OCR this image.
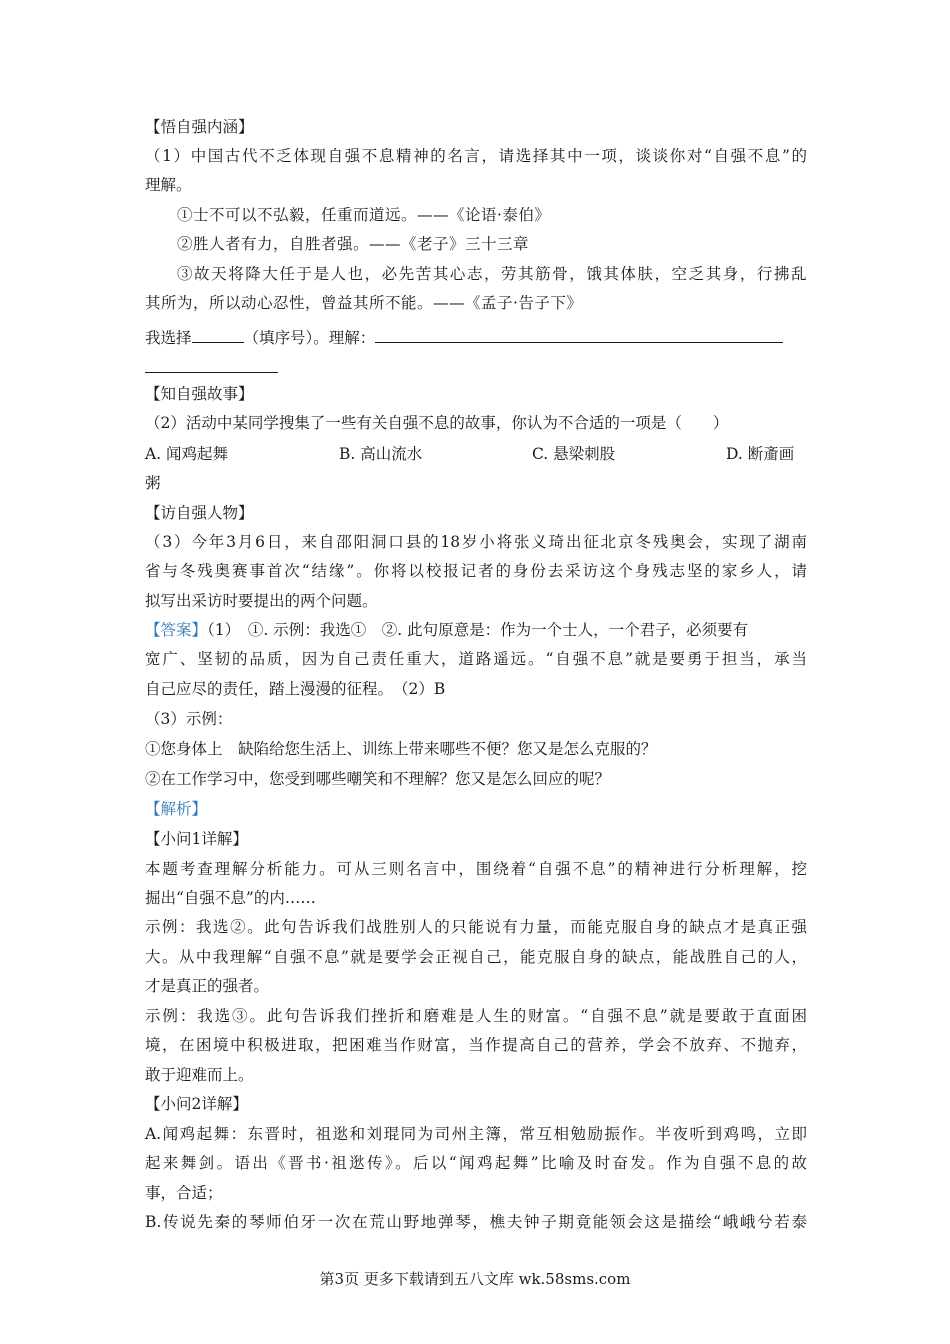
【悟自强内涵】
（1）中国古代不乏体现自强不息精神的名言，请选择其中一项，谈谈你对“自强不息”的
理解。
①士不可以不弘毅，任重而道远。——《论语·泰伯》
②胜人者有力，自胜者强。——《老子》三十三章
③故天将降大任于是人也，必先苦其心志，劳其筋骨，饿其体肤，空乏其身，行拂乱
其所为，所以动心忍性，曾益其所不能。——《孟子·告子下》
我选择	（填序号）。理解：
【知自强故事】
（2）活动中某同学搜集了一些有关自强不息的故事，你认为不合适的一项是（　　）
A. 闻鸡起舞	B. 高山流水	C. 悬梁刺股	D. 断齑画
粥
【访自强人物】
（3）今年3月6日，来自邵阳洞口县的18岁小将张义琦出征北京冬残奥会，实现了湖南
省与冬残奥赛事首次“结缘”。你将以校报记者的身份去采访这个身残志坚的家乡人，请
拟写出采访时要提出的两个问题。
【答案】（1）　①. 示例：我选①　②. 此句原意是：作为一个士人，一个君子，必须要有
宽广、坚韧的品质，因为自己责任重大，道路遥远。“自强不息”就是要勇于担当，承当
自己应尽的责任，踏上漫漫的征程。　（2）B
（3）示例：
①您身体上　缺陷给您生活上、训练上带来哪些不便？您又是怎么克服的？
②在工作学习中，您受到哪些嘲笑和不理解？您又是怎么回应的呢？
【解析】
【小问1详解】
本题考查理解分析能力。可从三则名言中，围绕着“自强不息”的精神进行分析理解，挖
掘出“自强不息”的内……
示例：我选②。此句告诉我们战胜别人的只能说有力量，而能克服自身的缺点才是真正强
大。从中我理解“自强不息”就是要学会正视自己，能克服自身的缺点，能战胜自己的人，
才是真正的强者。
示例：我选③。此句告诉我们挫折和磨难是人生的财富。“自强不息”就是要敢于直面困
境，在困境中积极进取，把困难当作财富，当作提高自己的营养，学会不放弃、不抛弃，
敢于迎难而上。
【小问2详解】
A.闻鸡起舞：东晋时，祖逖和刘琨同为司州主簿，常互相勉励振作。半夜听到鸡鸣，立即
起来舞剑。语出《晋书·祖逖传》。后以“闻鸡起舞”比喻及时奋发。作为自强不息的故
事，合适；
B.传说先秦的琴师伯牙一次在荒山野地弹琴，樵夫钟子期竟能领会这是描绘“峨峨兮若泰
第3页 更多下载请到五八文库 wk.58sms.com
